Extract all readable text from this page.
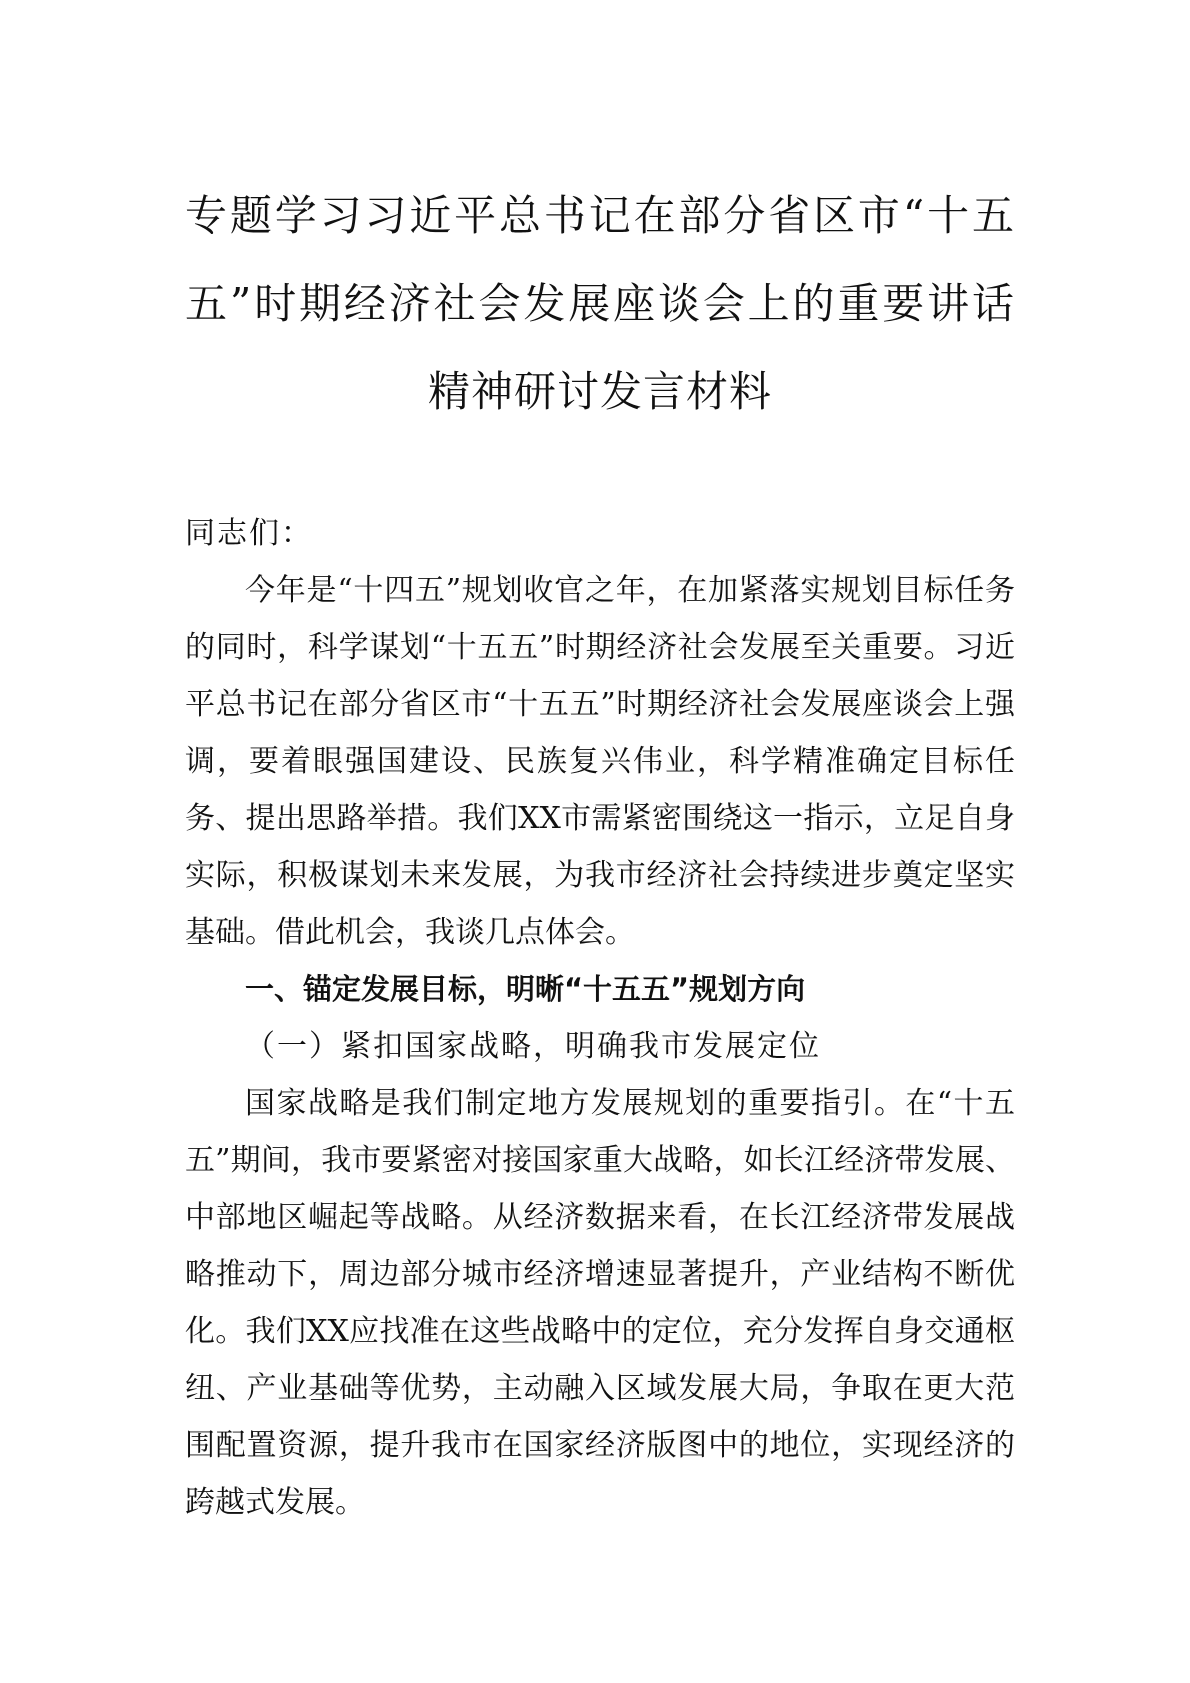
专题学习习近平总书记在部分省区市“十五
五”时期经济社会发展座谈会上的重要讲话
精神研讨发言材料

同志们：

今年是“十四五”规划收官之年，在加紧落实规划目标任务的同时，科学谋划“十五五”时期经济社会发展至关重要。习近平总书记在部分省区市“十五五”时期经济社会发展座谈会上强调，要着眼强国建设、民族复兴伟业，科学精准确定目标任务、提出思路举措。我们XX市需紧密围绕这一指示，立足自身实际，积极谋划未来发展，为我市经济社会持续进步奠定坚实基础。借此机会，我谈几点体会。

一、锚定发展目标，明晰“十五五”规划方向

（一）紧扣国家战略，明确我市发展定位

国家战略是我们制定地方发展规划的重要指引。在“十五五”期间，我市要紧密对接国家重大战略，如长江经济带发展、中部地区崛起等战略。从经济数据来看，在长江经济带发展战略推动下，周边部分城市经济增速显著提升，产业结构不断优化。我们XX应找准在这些战略中的定位，充分发挥自身交通枢纽、产业基础等优势，主动融入区域发展大局，争取在更大范围配置资源，提升我市在国家经济版图中的地位，实现经济的跨越式发展。
